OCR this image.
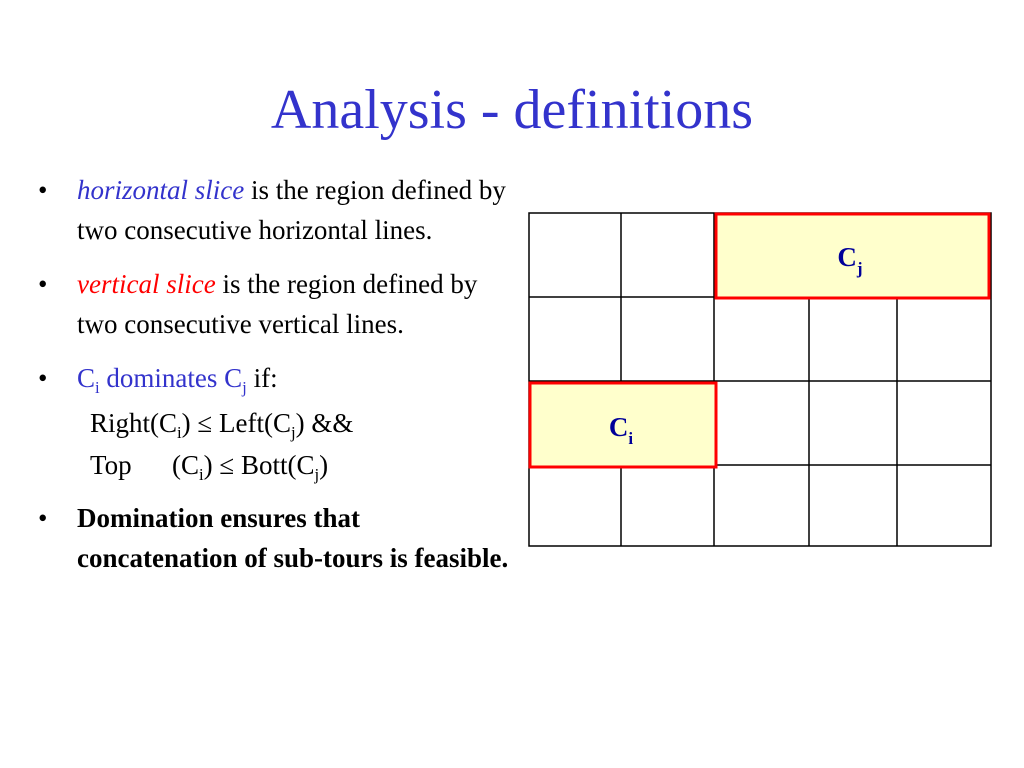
Analysis - definitions
• horizontal slice is the region defined by two consecutive horizontal lines.
• vertical slice is the region defined by two consecutive vertical lines.
• $C_i$ dominates $C_j$ if:
$Right(C_i)$ ≤ $Left(C_j)$ &&
Top $(C_i)$ ≤ $Bott(C_j)$
• Domination ensures that concatenation of sub-tours is feasible.
$C_j$
$C_i$
